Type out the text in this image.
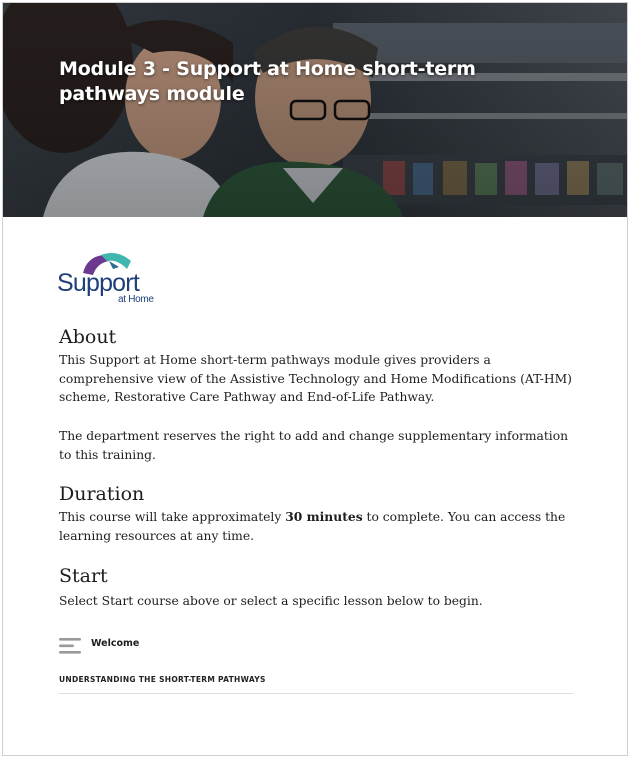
Module 3 - Support at Home short-term pathways module
Support
at Home
About
This Support at Home short-term pathways module gives providers a comprehensive view of the Assistive Technology and Home Modifications (AT-HM) scheme, Restorative Care Pathway and End-of-Life Pathway.
The department reserves the right to add and change supplementary information to this training.
Duration
This course will take approximately 30 minutes to complete. You can access the learning resources at any time.
Start
Select Start course above or select a specific lesson below to begin.
Welcome
UNDERSTANDING THE SHORT-TERM PATHWAYS
